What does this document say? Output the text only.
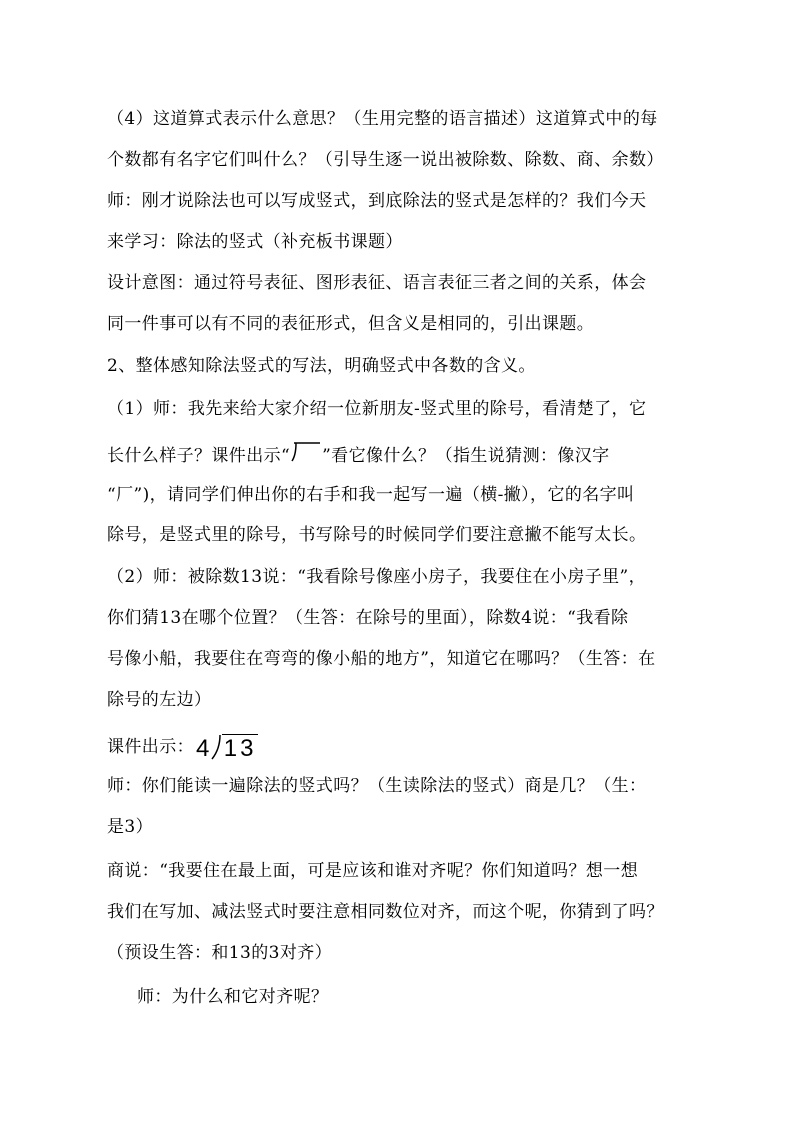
（4）这道算式表示什么意思？（生用完整的语言描述）这道算式中的每
个数都有名字它们叫什么？（引导生逐一说出被除数、除数、商、余数）
师：刚才说除法也可以写成竖式，到底除法的竖式是怎样的？我们今天
来学习：除法的竖式（补充板书课题）
设计意图：通过符号表征、图形表征、语言表征三者之间的关系，体会
同一件事可以有不同的表征形式，但含义是相同的，引出课题。
2、整体感知除法竖式的写法，明确竖式中各数的含义。
（1）师：我先来给大家介绍一位新朋友-竖式里的除号，看清楚了，它
长什么样子？课件出示“ ”看它像什么？（指生说猜测：像汉字
“厂”)，请同学们伸出你的右手和我一起写一遍（横-撇），它的名字叫
除号，是竖式里的除号，书写除号的时候同学们要注意撇不能写太长。
（2）师：被除数13说：“我看除号像座小房子，我要住在小房子里”，
你们猜13在哪个位置？（生答：在除号的里面），除数4说：“我看除
号像小船，我要住在弯弯的像小船的地方”，知道它在哪吗？（生答：在
除号的左边）
课件出示：4 13
师：你们能读一遍除法的竖式吗？（生读除法的竖式）商是几？（生：
是3）
商说：“我要住在最上面，可是应该和谁对齐呢？你们知道吗？想一想
我们在写加、减法竖式时要注意相同数位对齐，而这个呢，你猜到了吗？
（预设生答：和13的3对齐）
师：为什么和它对齐呢？
